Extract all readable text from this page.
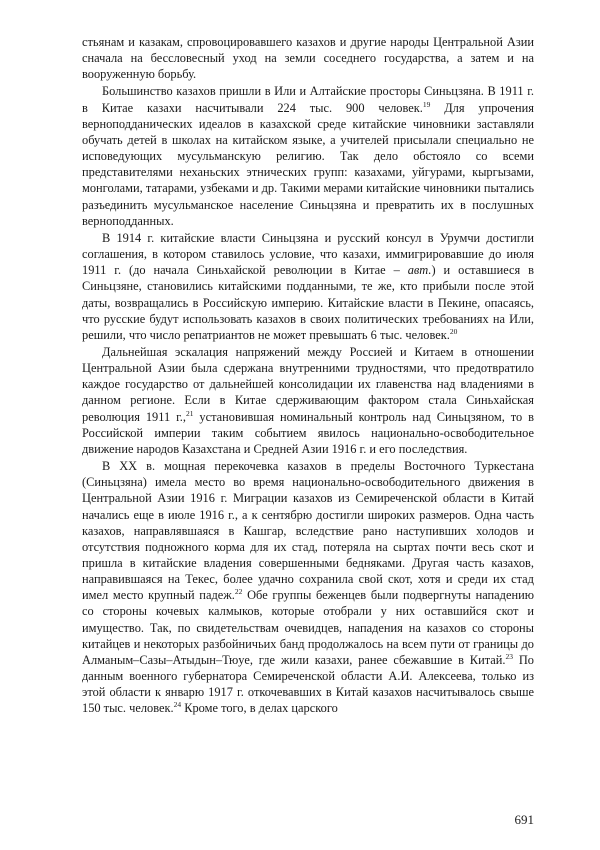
стьянам и казакам, спровоцировавшего казахов и другие народы Центральной Азии сначала на бессловесный уход на земли соседнего государства, а затем и на вооруженную борьбу.

Большинство казахов пришли в Или и Алтайские просторы Синьцзяна. В 1911 г. в Китае казахи насчитывали 224 тыс. 900 человек.$^{19}$ Для упрочения верноподданических идеалов в казахской среде китайские чиновники заставляли обучать детей в школах на китайском языке, а учителей присылали специально не исповедующих мусульманскую религию. Так дело обстояло со всеми представителями неханьских этнических групп: казахами, уйгурами, кыргызами, монголами, татарами, узбеками и др. Такими мерами китайские чиновники пытались разъединить мусульманское население Синьцзяна и превратить их в послушных верноподданных.

В 1914 г. китайские власти Синьцзяна и русский консул в Урумчи достигли соглашения, в котором ставилось условие, что казахи, иммигрировавшие до июля 1911 г. (до начала Синьхайской революции в Китае – авт.) и оставшиеся в Синьцзяне, становились китайскими подданными, те же, кто прибыли после этой даты, возвращались в Российскую империю. Китайские власти в Пекине, опасаясь, что русские будут использовать казахов в своих политических требованиях на Или, решили, что число репатриантов не может превышать 6 тыс. человек.$^{20}$

Дальнейшая эскалация напряжений между Россией и Китаем в отношении Центральной Азии была сдержана внутренними трудностями, что предотвратило каждое государство от дальнейшей консолидации их главенства над владениями в данном регионе. Если в Китае сдерживающим фактором стала Синьхайская революция 1911 г.,$^{21}$ установившая номинальный контроль над Синьцзяном, то в Российской империи таким событием явилось национально-освободительное движение народов Казахстана и Средней Азии 1916 г. и его последствия.

В XX в. мощная перекочевка казахов в пределы Восточного Туркестана (Синьцзяна) имела место во время национально-освободительного движения в Центральной Азии 1916 г. Миграции казахов из Семиреченской области в Китай начались еще в июле 1916 г., а к сентябрю достигли широких размеров. Одна часть казахов, направлявшаяся в Кашгар, вследствие рано наступивших холодов и отсутствия подножного корма для их стад, потеряла на сыртах почти весь скот и пришла в китайские владения совершенными бедняками. Другая часть казахов, направившаяся на Текес, более удачно сохранила свой скот, хотя и среди их стад имел место крупный падеж.$^{22}$ Обе группы беженцев были подвергнуты нападению со стороны кочевых калмыков, которые отобрали у них оставшийся скот и имущество. Так, по свидетельствам очевидцев, нападения на казахов со стороны китайцев и некоторых разбойничьих банд продолжалось на всем пути от границы до Алманым–Сазы–Атыдын–Тюуе, где жили казахи, ранее сбежавшие в Китай.$^{23}$ По данным военного губернатора Семиреченской области А.И. Алексеева, только из этой области к январю 1917 г. откочевавших в Китай казахов насчитывалось свыше 150 тыс. человек.$^{24}$ Кроме того, в делах царского

691
